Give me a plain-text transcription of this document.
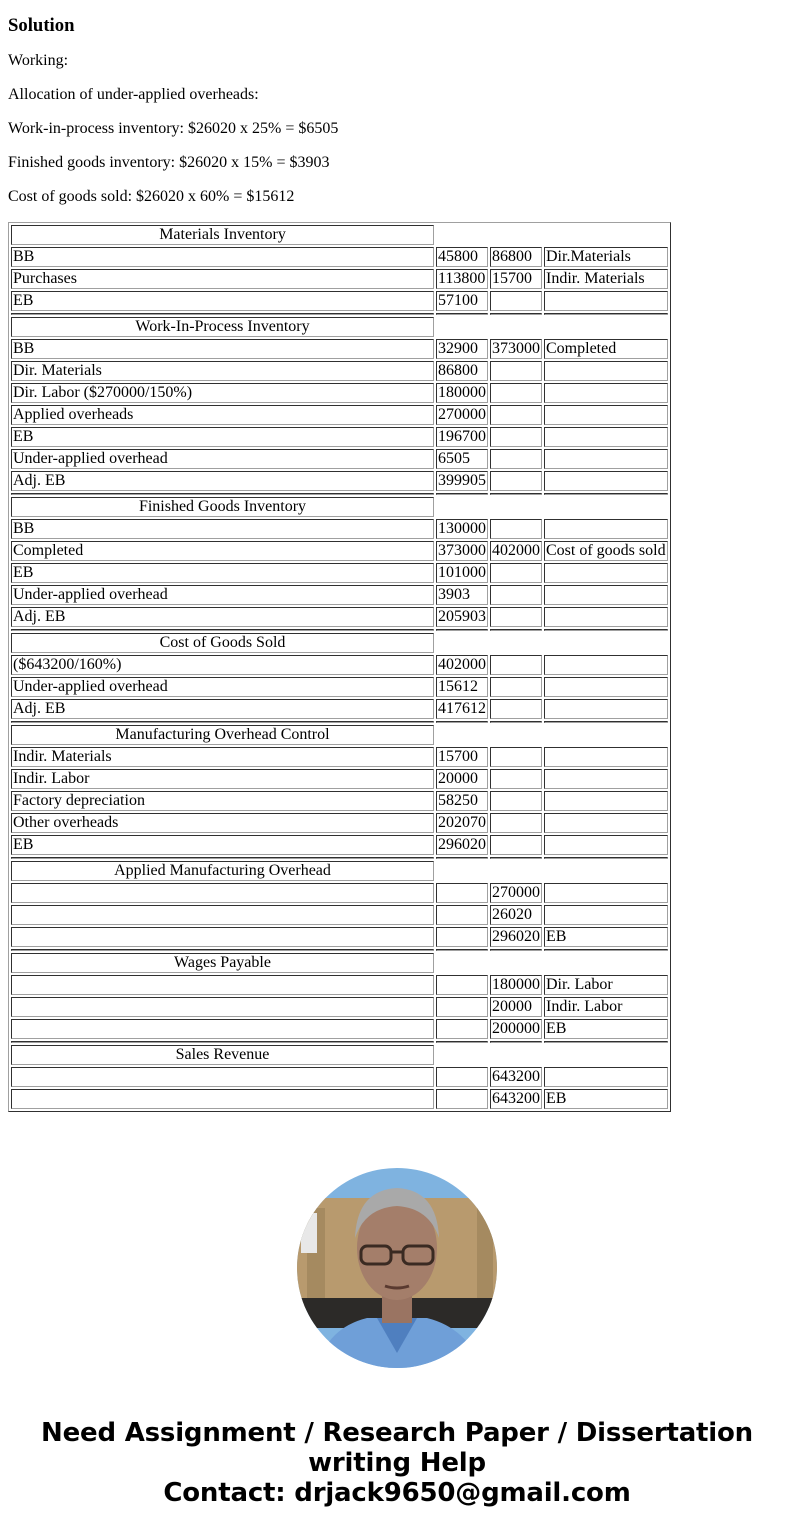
Solution

Working:

Allocation of under-applied overheads:

Work-in-process inventory: $26020 x 25% = $6505

Finished goods inventory: $26020 x 15% = $3903

Cost of goods sold: $26020 x 60% = $15612

Materials Inventory			
BB	45800	86800	Dir.Materials
Purchases	113800	15700	Indir. Materials
EB	57100		

Work-In-Process Inventory			
BB	32900	373000	Completed
Dir. Materials	86800		
Dir. Labor ($270000/150%)	180000		
Applied overheads	270000		
EB	196700		
Under-applied overhead	6505		
Adj. EB	399905		

Finished Goods Inventory			
BB	130000		
Completed	373000	402000	Cost of goods sold
EB	101000		
Under-applied overhead	3903		
Adj. EB	205903		

Cost of Goods Sold			
($643200/160%)	402000		
Under-applied overhead	15612		
Adj. EB	417612		

Manufacturing Overhead Control			
Indir. Materials	15700		
Indir. Labor	20000		
Factory depreciation	58250		
Other overheads	202070		
EB	296020		

Applied Manufacturing Overhead			
		270000	
		26020	
		296020	EB

Wages Payable			
		180000	Dir. Labor
		20000	Indir. Labor
		200000	EB

Sales Revenue			
		643200	
		643200	EB
Need Assignment / Research Paper / Dissertation
writing Help
Contact: drjack9650@gmail.com
